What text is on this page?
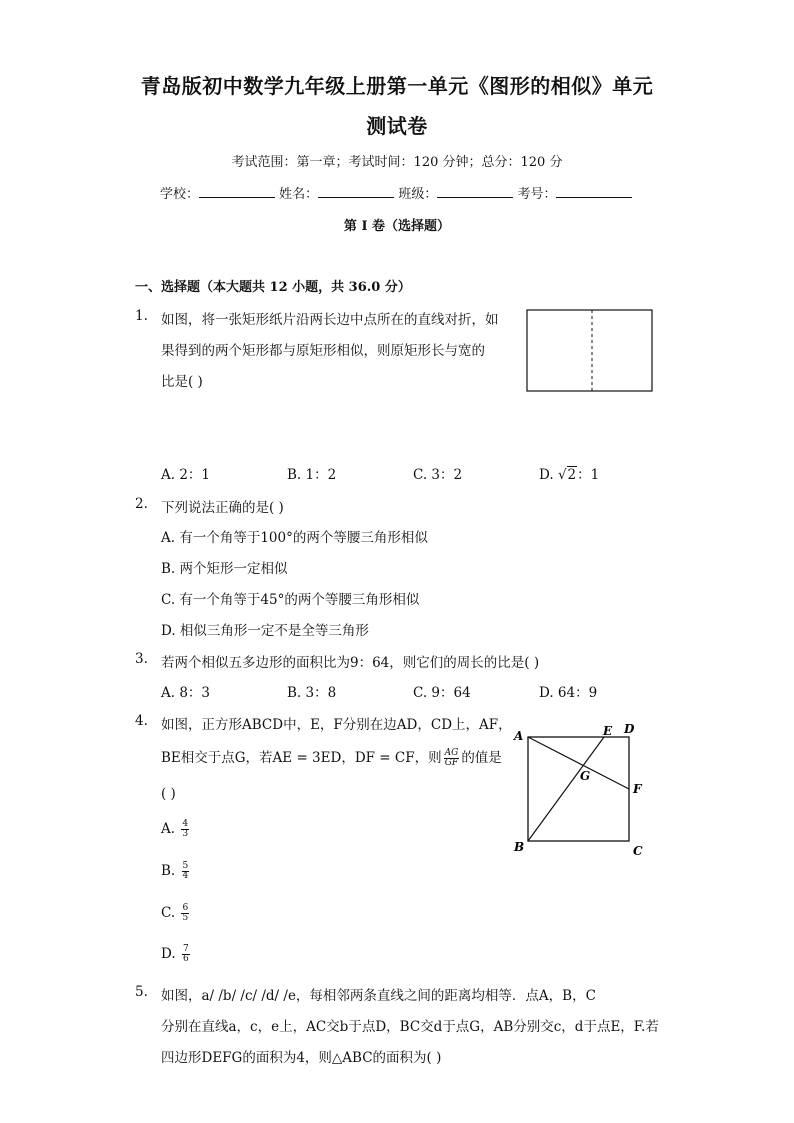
青岛版初中数学九年级上册第一单元《图形的相似》单元
测试卷
考试范围：第一章；考试时间：120 分钟；总分：120 分
学校：	姓名：	班级：	考号：
第 I 卷（选择题）
一、选择题（本大题共 12 小题，共 36.0 分）
1. 如图，将一张矩形纸片沿两长边中点所在的直线对折，如
果得到的两个矩形都与原矩形相似，则原矩形长与宽的
比是( )
A. 2：1	B. 1：2	C. 3：2	D. √2：1
2. 下列说法正确的是( )
A. 有一个角等于100°的两个等腰三角形相似
B. 两个矩形一定相似
C. 有一个角等于45°的两个等腰三角形相似
D. 相似三角形一定不是全等三角形
3. 若两个相似五多边形的面积比为9：64，则它们的周长的比是( )
A. 8：3	B. 3：8	C. 9：64	D. 64：9
4. 如图，正方形ABCD中，E，F分别在边AD，CD上，AF，
BE相交于点G，若AE = 3ED，DF = CF，则 $\frac{AG}{GF}$ 的值是
( )
A. $\frac{4}{3}$
B. $\frac{5}{4}$
C. $\frac{6}{5}$
D. $\frac{7}{6}$
A
B	C
D
E
F
G
5. 如图，a/ /b/ /c/ /d/ /e，每相邻两条直线之间的距离均相等．点A，B，C
分别在直线a，c，e上，AC交b于点D，BC交d于点G，AB分别交c，d于点E，F.若
四边形DEFG的面积为4，则△ABC的面积为( )
